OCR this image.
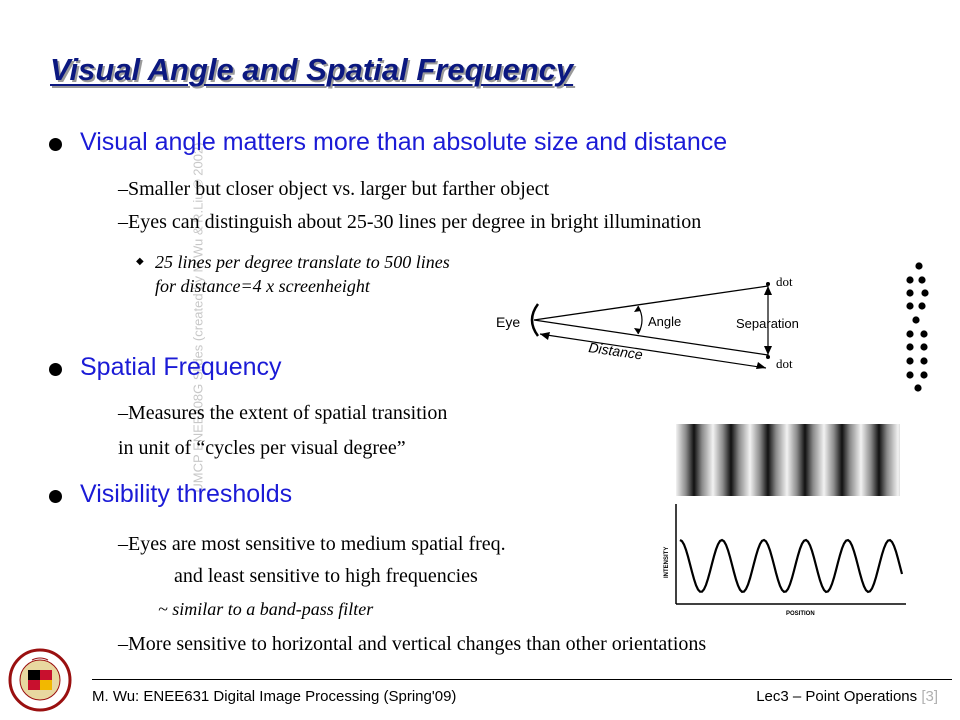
UMCP ENEE408G Slides (created by M.Wu & R.Liu © 2002)
Visual Angle and Spatial Frequency
Visual angle matters more than absolute size and distance
–Smaller but closer object vs. larger but farther object
–Eyes can distinguish about 25-30 lines per degree in bright illumination
◆ 25 lines per degree translate to 500 lines
for distance=4 x screenheight
Spatial Frequency
–Measures the extent of spatial transition
in unit of “cycles per visual degree”
Visibility thresholds
–Eyes are most sensitive to medium spatial freq.
and least sensitive to high frequencies
~ similar to a band-pass filter
–More sensitive to horizontal and vertical changes than other orientations
Eye	Angle	Separation
Distance
dot
dot
INTENSITY
POSITION
M. Wu: ENEE631 Digital Image Processing (Spring'09)	Lec3 – Point Operations [3]
